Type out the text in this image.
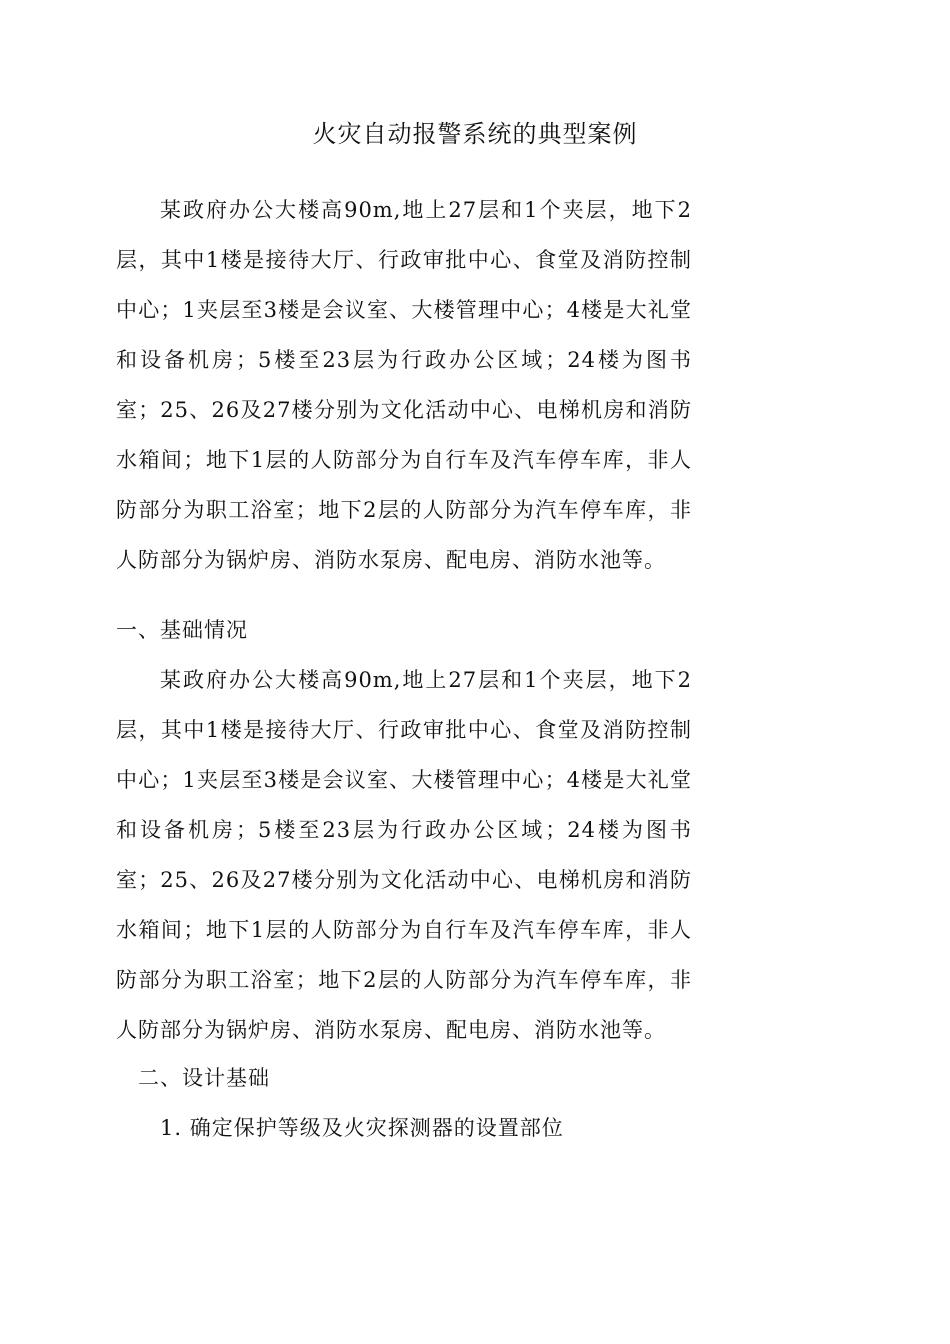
火灾自动报警系统的典型案例

某政府办公大楼高90m,地上27层和1个夹层，地下2层，其中1楼是接待大厅、行政审批中心、食堂及消防控制中心；1夹层至3楼是会议室、大楼管理中心；4楼是大礼堂和设备机房；5楼至23层为行政办公区域；24楼为图书室；25、26及27楼分别为文化活动中心、电梯机房和消防水箱间；地下1层的人防部分为自行车及汽车停车库，非人防部分为职工浴室；地下2层的人防部分为汽车停车库，非人防部分为锅炉房、消防水泵房、配电房、消防水池等。

一、基础情况

某政府办公大楼高90m,地上27层和1个夹层，地下2层，其中1楼是接待大厅、行政审批中心、食堂及消防控制中心；1夹层至3楼是会议室、大楼管理中心；4楼是大礼堂和设备机房；5楼至23层为行政办公区域；24楼为图书室；25、26及27楼分别为文化活动中心、电梯机房和消防水箱间；地下1层的人防部分为自行车及汽车停车库，非人防部分为职工浴室；地下2层的人防部分为汽车停车库，非人防部分为锅炉房、消防水泵房、配电房、消防水池等。

二、设计基础

1. 确定保护等级及火灾探测器的设置部位
